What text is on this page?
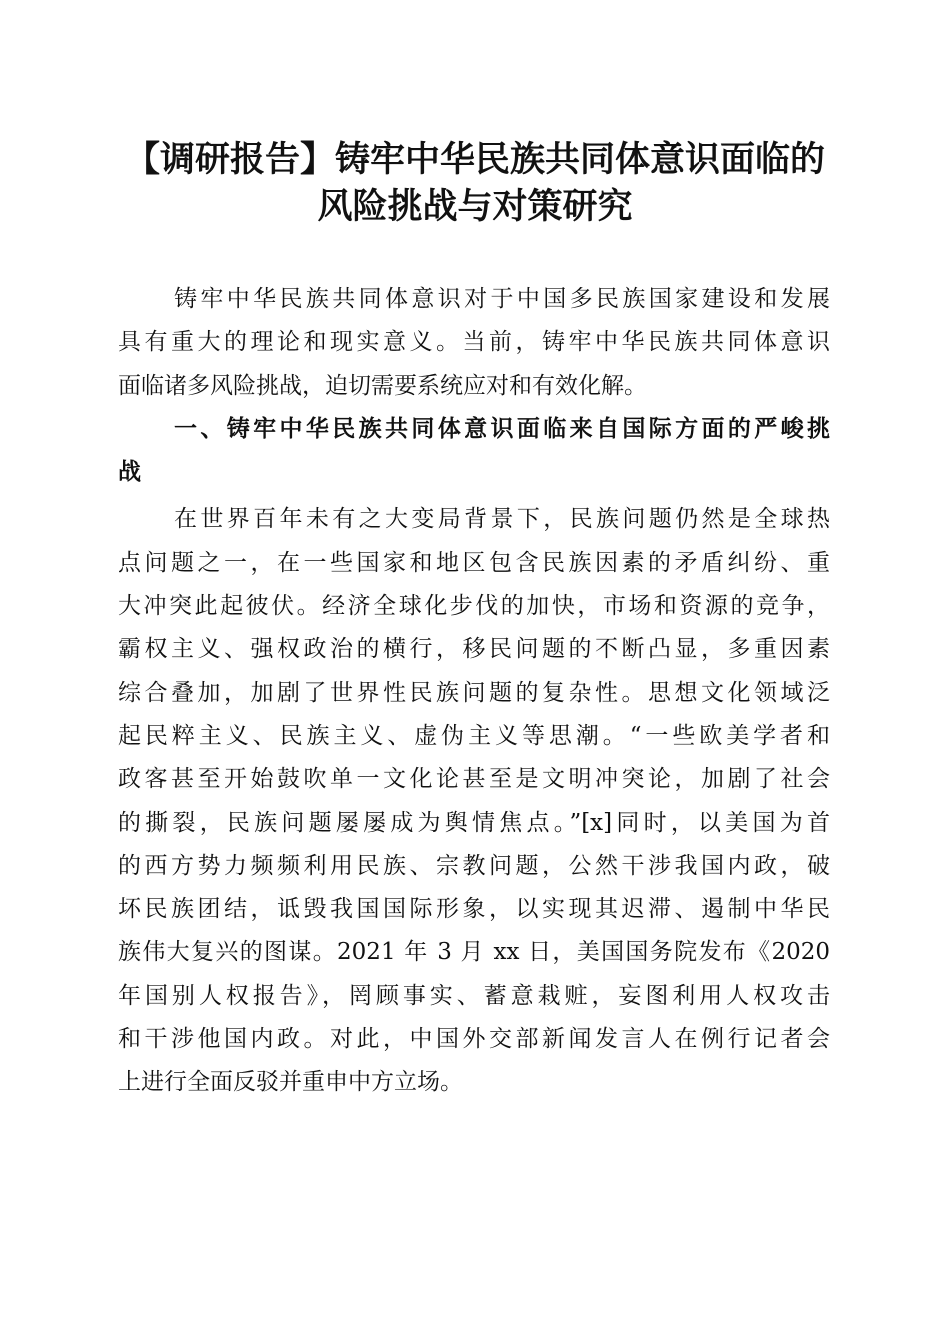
【调研报告】铸牢中华民族共同体意识面临的
风险挑战与对策研究
铸牢中华民族共同体意识对于中国多民族国家建设和发展
具有重大的理论和现实意义。当前，铸牢中华民族共同体意识
面临诸多风险挑战，迫切需要系统应对和有效化解。
一、铸牢中华民族共同体意识面临来自国际方面的严峻挑
战
在世界百年未有之大变局背景下，民族问题仍然是全球热
点问题之一，在一些国家和地区包含民族因素的矛盾纠纷、重
大冲突此起彼伏。经济全球化步伐的加快，市场和资源的竞争，
霸权主义、强权政治的横行，移民问题的不断凸显，多重因素
综合叠加，加剧了世界性民族问题的复杂性。思想文化领域泛
起民粹主义、民族主义、虚伪主义等思潮。“一些欧美学者和
政客甚至开始鼓吹单一文化论甚至是文明冲突论，加剧了社会
的撕裂，民族问题屡屡成为舆情焦点。”[x]同时，以美国为首
的西方势力频频利用民族、宗教问题，公然干涉我国内政，破
坏民族团结，诋毁我国国际形象，以实现其迟滞、遏制中华民
族伟大复兴的图谋。2021 年 3 月 xx 日，美国国务院发布《2020
年国别人权报告》，罔顾事实、蓄意栽赃，妄图利用人权攻击
和干涉他国内政。对此，中国外交部新闻发言人在例行记者会
上进行全面反驳并重申中方立场。
